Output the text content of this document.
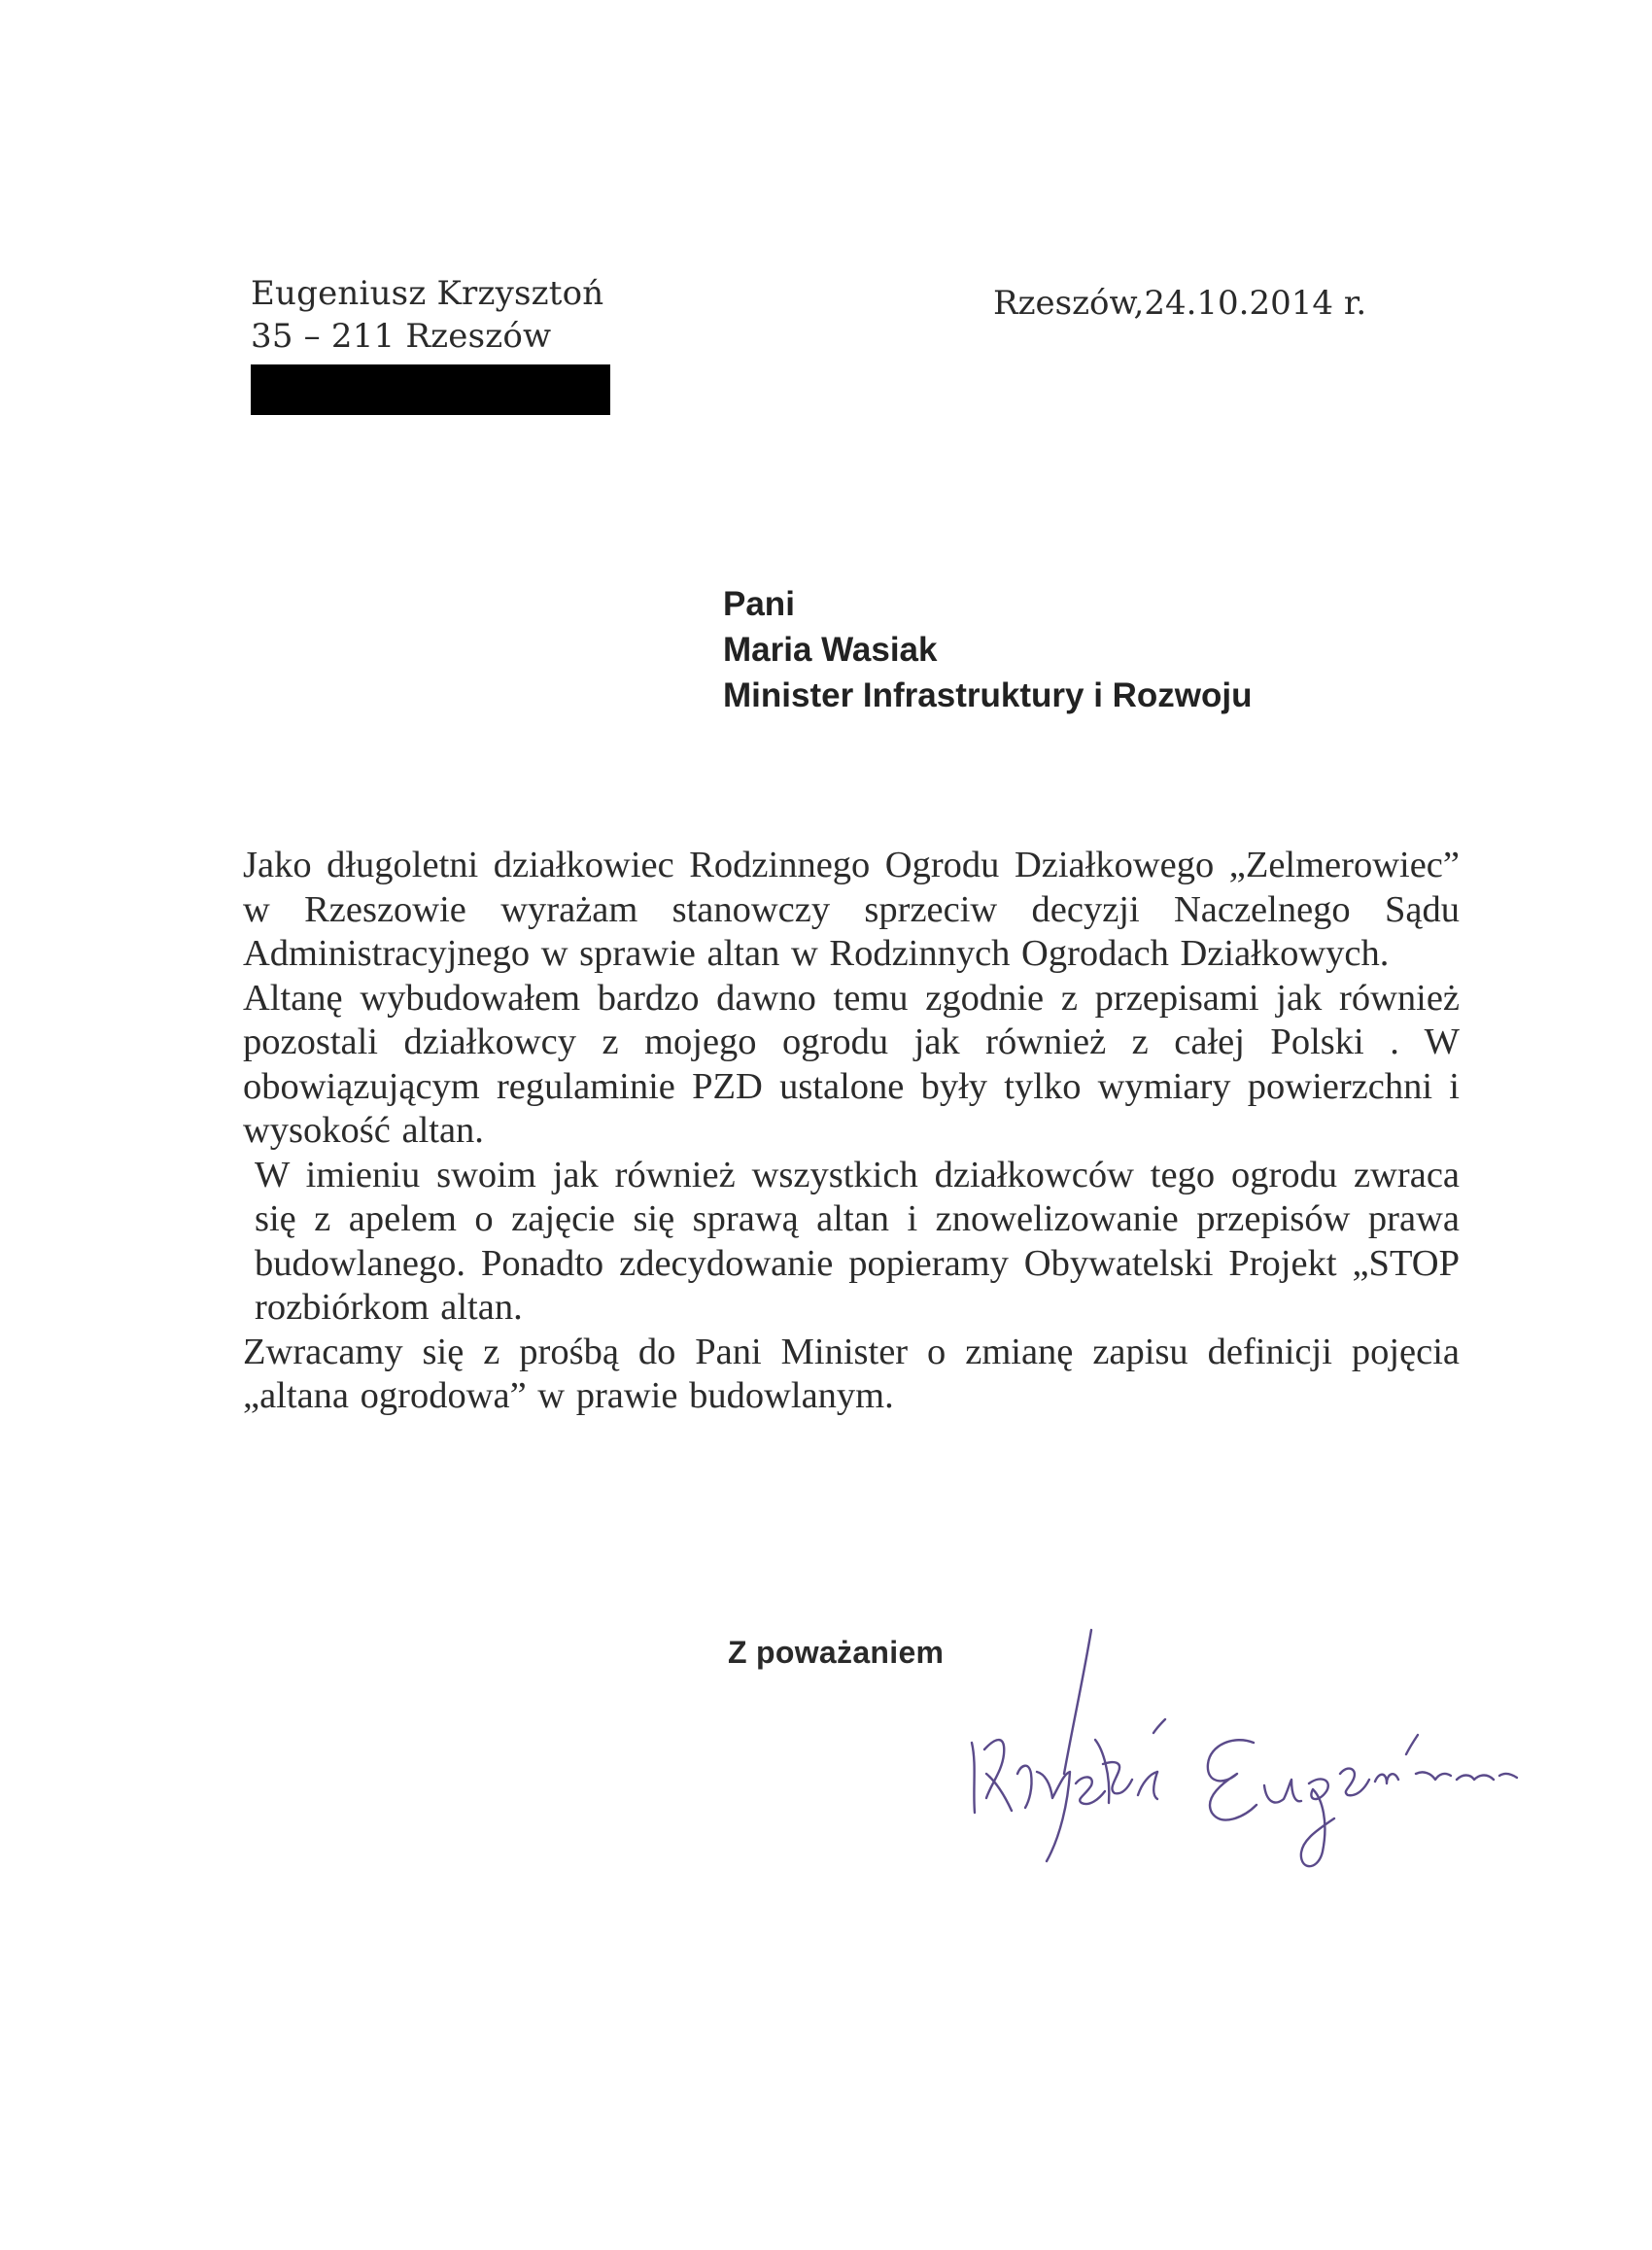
Eugeniusz Krzysztoń
35 – 211 Rzeszów
Rzeszów,24.10.2014 r.
Pani
Maria Wasiak
Minister Infrastruktury i Rozwoju

Jako długoletni działkowiec Rodzinnego Ogrodu Działkowego „Zelmerowiec” w Rzeszowie wyrażam stanowczy sprzeciw decyzji Naczelnego Sądu Administracyjnego w sprawie altan w Rodzinnych Ogrodach Działkowych.

Altanę wybudowałem bardzo dawno temu zgodnie z przepisami jak również pozostali działkowcy z mojego ogrodu jak również z całej Polski . W obowiązującym regulaminie PZD ustalone były tylko wymiary powierzchni i wysokość altan.

W imieniu swoim jak również wszystkich działkowców tego ogrodu zwraca się z apelem o zajęcie się sprawą altan i znowelizowanie przepisów prawa budowlanego. Ponadto zdecydowanie popieramy Obywatelski Projekt „STOP rozbiórkom altan.

Zwracamy się z prośbą do Pani Minister o zmianę zapisu definicji pojęcia „altana ogrodowa” w prawie budowlanym.

Z poważaniem
